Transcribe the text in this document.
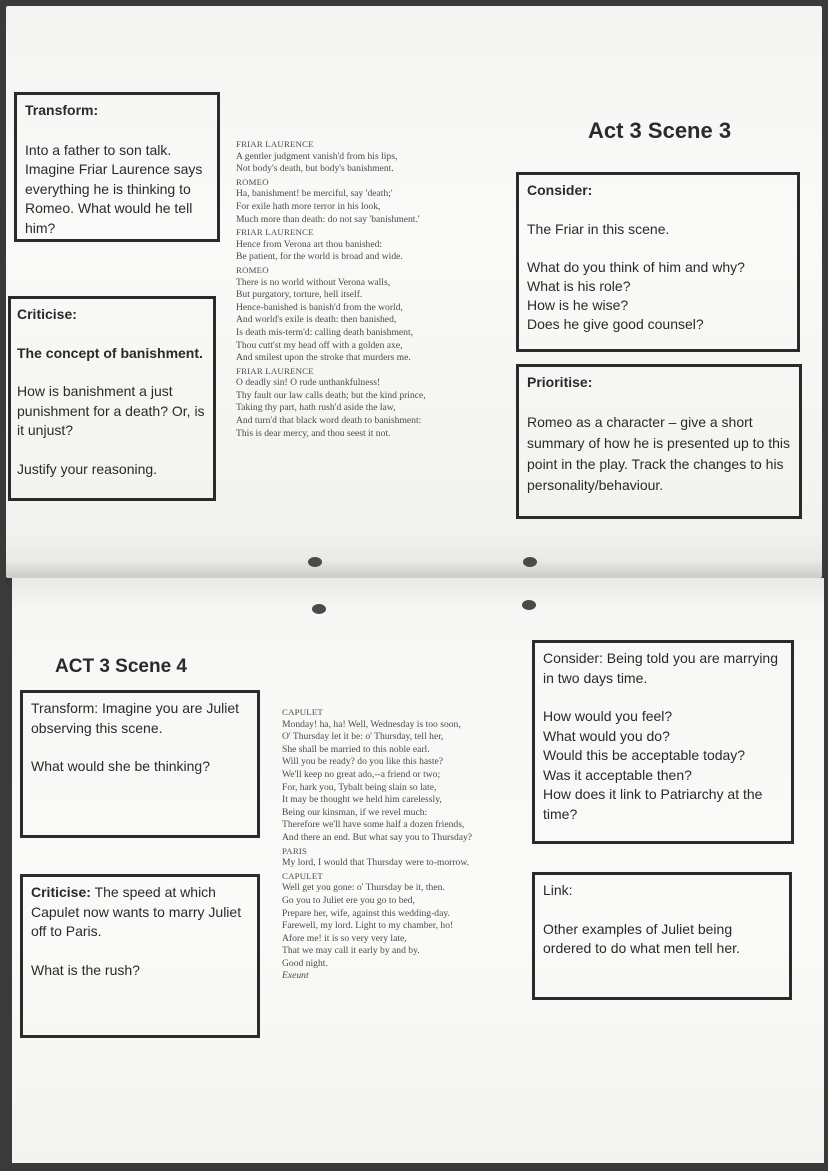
Transform:

Into a father to son talk. Imagine Friar Laurence says everything he is thinking to Romeo. What would he tell him?

Criticise:

The concept of banishment.

How is banishment a just punishment for a death? Or, is it unjust?

Justify your reasoning.

FRIAR LAURENCE
A gentler judgment vanish'd from his lips,
Not body's death, but body's banishment.
ROMEO
Ha, banishment! be merciful, say 'death;'
For exile hath more terror in his look,
Much more than death: do not say 'banishment.'
FRIAR LAURENCE
Hence from Verona art thou banished:
Be patient, for the world is broad and wide.
ROMEO
There is no world without Verona walls,
But purgatory, torture, hell itself.
Hence-banished is banish'd from the world,
And world's exile is death: then banished,
Is death mis-term'd: calling death banishment,
Thou cutt'st my head off with a golden axe,
And smilest upon the stroke that murders me.
FRIAR LAURENCE
O deadly sin! O rude unthankfulness!
Thy fault our law calls death; but the kind prince,
Taking thy part, hath rush'd aside the law,
And turn'd that black word death to banishment:
This is dear mercy, and thou seest it not.
Act 3 Scene 3
Consider:

The Friar in this scene.

What do you think of him and why?

What is his role?

How is he wise?

Does he give good counsel?

Prioritise:

Romeo as a character – give a short summary of how he is presented up to this point in the play. Track the changes to his personality/behaviour.

ACT 3 Scene 4
Transform: Imagine you are Juliet observing this scene.

What would she be thinking?

Criticise: The speed at which Capulet now wants to marry Juliet off to Paris.

What is the rush?

CAPULET
Monday! ha, ha! Well, Wednesday is too soon,
O' Thursday let it be: o' Thursday, tell her,
She shall be married to this noble earl.
Will you be ready? do you like this haste?
We'll keep no great ado,--a friend or two;
For, hark you, Tybalt being slain so late,
It may be thought we held him carelessly,
Being our kinsman, if we revel much:
Therefore we'll have some half a dozen friends,
And there an end. But what say you to Thursday?
PARIS
My lord, I would that Thursday were to-morrow.
CAPULET
Well get you gone: o' Thursday be it, then.
Go you to Juliet ere you go to bed,
Prepare her, wife, against this wedding-day.
Farewell, my lord. Light to my chamber, ho!
Afore me! it is so very very late,
That we may call it early by and by.
Good night.
Exeunt

Consider: Being told you are marrying in two days time.

How would you feel?

What would you do?

Would this be acceptable today?

Was it acceptable then?

How does it link to Patriarchy at the time?

Link:

Other examples of Juliet being ordered to do what men tell her.
